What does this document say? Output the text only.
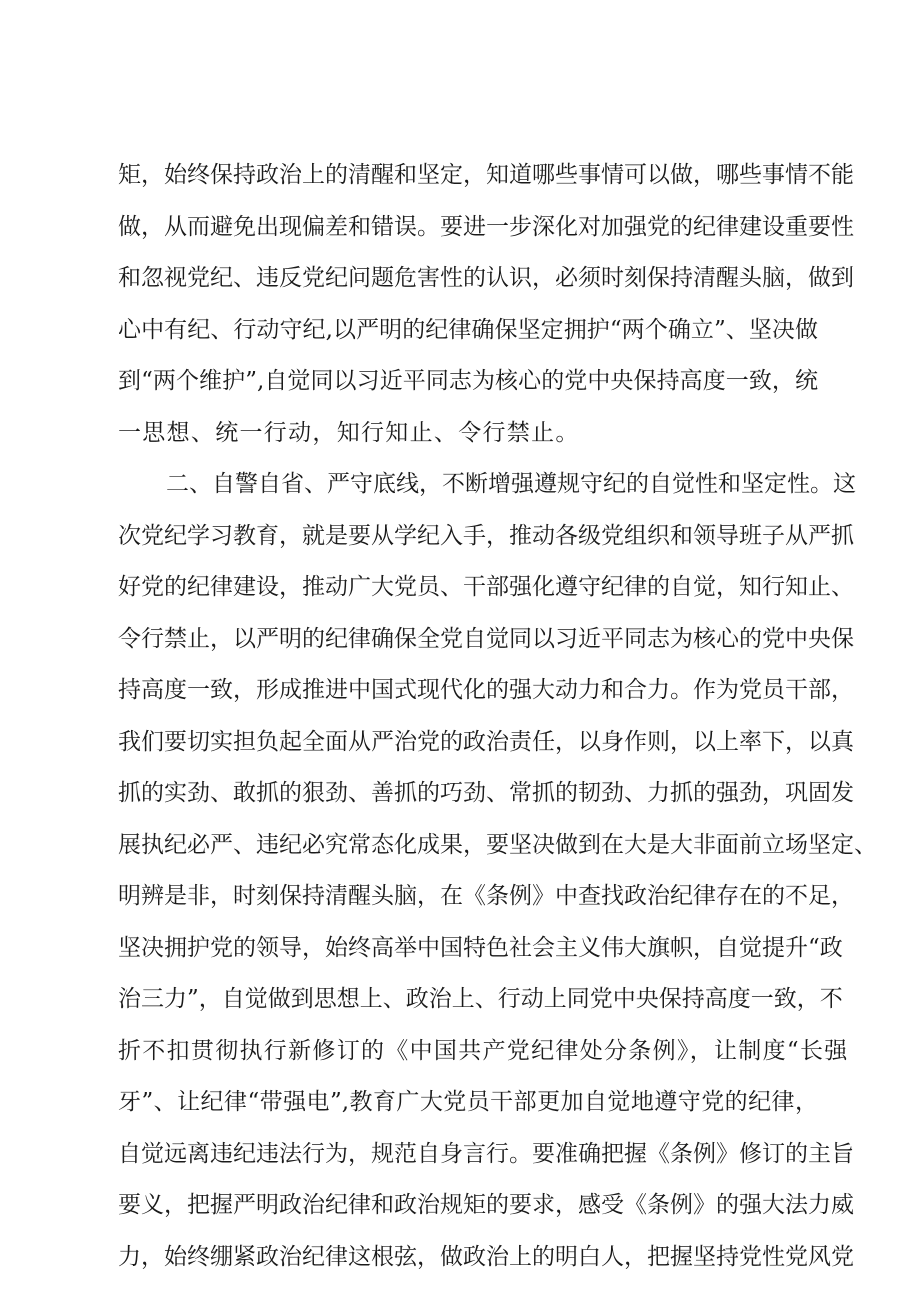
矩，始终保持政治上的清醒和坚定，知道哪些事情可以做，哪些事情不能
做，从而避免出现偏差和错误。要进一步深化对加强党的纪律建设重要性
和忽视党纪、违反党纪问题危害性的认识，必须时刻保持清醒头脑，做到
心中有纪、行动守纪,以严明的纪律确保坚定拥护“两个确立”、坚决做
到“两个维护”,自觉同以习近平同志为核心的党中央保持高度一致，统
一思想、统一行动，知行知止、令行禁止。
二、自警自省、严守底线，不断增强遵规守纪的自觉性和坚定性。这
次党纪学习教育，就是要从学纪入手，推动各级党组织和领导班子从严抓
好党的纪律建设，推动广大党员、干部强化遵守纪律的自觉，知行知止、
令行禁止，以严明的纪律确保全党自觉同以习近平同志为核心的党中央保
持高度一致，形成推进中国式现代化的强大动力和合力。作为党员干部，
我们要切实担负起全面从严治党的政治责任，以身作则，以上率下，以真
抓的实劲、敢抓的狠劲、善抓的巧劲、常抓的韧劲、力抓的强劲，巩固发
展执纪必严、违纪必究常态化成果，要坚决做到在大是大非面前立场坚定、
明辨是非，时刻保持清醒头脑，在《条例》中查找政治纪律存在的不足，
坚决拥护党的领导，始终高举中国特色社会主义伟大旗帜，自觉提升“政
治三力”，自觉做到思想上、政治上、行动上同党中央保持高度一致，不
折不扣贯彻执行新修订的《中国共产党纪律处分条例》，让制度“长强
牙”、让纪律“带强电”,教育广大党员干部更加自觉地遵守党的纪律，
自觉远离违纪违法行为，规范自身言行。要准确把握《条例》修订的主旨
要义，把握严明政治纪律和政治规矩的要求，感受《条例》的强大法力威
力，始终绷紧政治纪律这根弦，做政治上的明白人，把握坚持党性党风党
